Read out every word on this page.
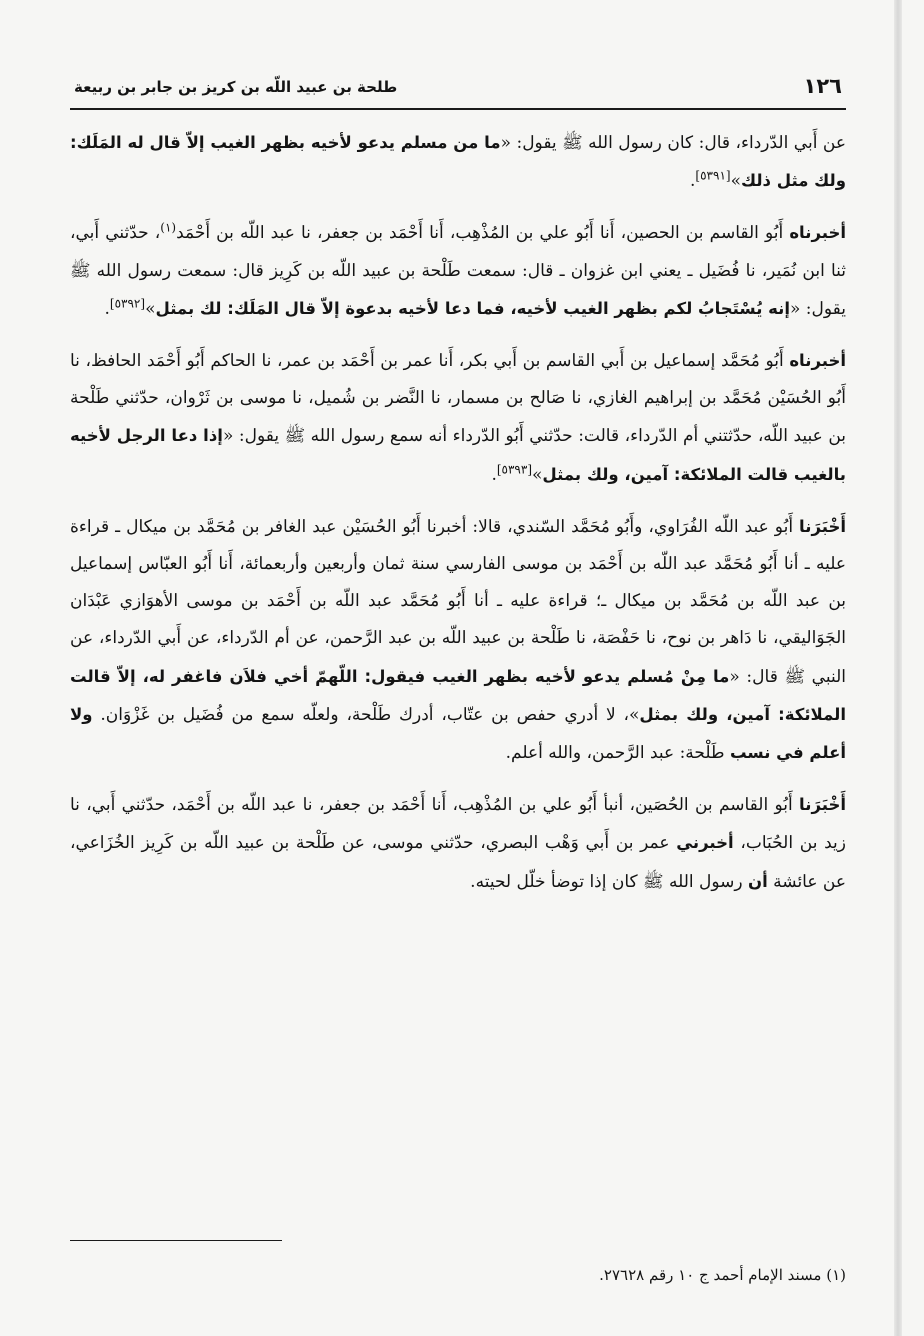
١٢٦
طلحة بن عبيد اللّه بن كريز بن جابر بن ربيعة

عن أَبي الدّرداء، قال: كان رسول الله ﷺ يقول: «ما من مسلم يدعو لأخيه بظهر الغيب إلاّ قال له المَلَك: ولك مثل ذلك»[٥٣٩١].

أخبرناه أَبُو القاسم بن الحصين، أَنا أَبُو علي بن المُذْهِب، أَنا أَحْمَد بن جعفر، نا عبد اللّه بن أَحْمَد$^{(١)}$، حدّثني أَبي، ثنا ابن نُمَير، نا فُضَيل ـ يعني ابن غزوان ـ قال: سمعت طَلْحة بن عبيد اللّه بن كَرِيز قال: سمعت رسول الله ﷺ يقول: «إنه يُسْتَجابُ لكم بظهر الغيب لأخيه، فما دعا لأخيه بدعوة إلاّ قال المَلَك: لك بمثل»[٥٣٩٢].

أخبرناه أَبُو مُحَمَّد إسماعيل بن أَبي القاسم بن أَبي بكر، أَنا عمر بن أَحْمَد بن عمر، نا الحاكم أَبُو أَحْمَد الحافظ، نا أَبُو الحُسَيْن مُحَمَّد بن إبراهيم الغازي، نا صَالح بن مسمار، نا النَّضر بن شُميل، نا موسى بن ثَرْوان، حدّثني طَلْحة بن عبيد اللّه، حدّثتني أم الدّرداء، قالت: حدّثني أَبُو الدّرداء أنه سمع رسول الله ﷺ يقول: «إذا دعا الرجل لأخيه بالغيب قالت الملائكة: آمين، ولك بمثل»[٥٣٩٣].

أَخْبَرَنا أَبُو عبد اللّه الفُرَاوي، وأَبُو مُحَمَّد السّندي، قالا: أخبرنا أَبُو الحُسَيْن عبد الغافر بن مُحَمَّد بن ميكال ـ قراءة عليه ـ أنا أَبُو مُحَمَّد عبد اللّه بن أَحْمَد بن موسى الفارسي سنة ثمان وأربعين وأربعمائة، أَنا أَبُو العبّاس إسماعيل بن عبد اللّه بن مُحَمَّد بن ميكال ـ؛ قراءة عليه ـ أنا أَبُو مُحَمَّد عبد اللّه بن أَحْمَد بن موسى الأهوَازي عَبْدَان الجَوَاليقي، نا دَاهر بن نوح، نا حَفْصَة، نا طَلْحة بن عبيد اللّه بن عبد الرَّحمن، عن أم الدّرداء، عن أَبي الدّرداء، عن النبي ﷺ قال: «ما مِنْ مُسلم يدعو لأخيه بظهر الغيب فيقول: اللّهمّ أخي فلاَن فاغفر له، إلاّ قالت الملائكة: آمين، ولك بمثل»، لا أدري حفص بن عتّاب، أدرك طَلْحة، ولعلّه سمع من فُضَيل بن غَزْوَان. ولا أعلم في نسب طَلْحة: عبد الرَّحمن، والله أعلم.

أَخْبَرَنا أَبُو القاسم بن الحُصَين، أنبأ أَبُو علي بن المُذْهِب، أَنا أَحْمَد بن جعفر، نا عبد اللّه بن أَحْمَد، حدّثني أَبي، نا زيد بن الحُبَاب، أخبرني عمر بن أَبي وَهْب البصري، حدّثني موسى، عن طَلْحة بن عبيد اللّه بن كَرِيز الخُزَاعي، عن عائشة أن رسول الله ﷺ كان إذا توضأ خلّل لحيته.

(١) مسند الإمام أحمد ج ١٠ رقم ٢٧٦٢٨.
